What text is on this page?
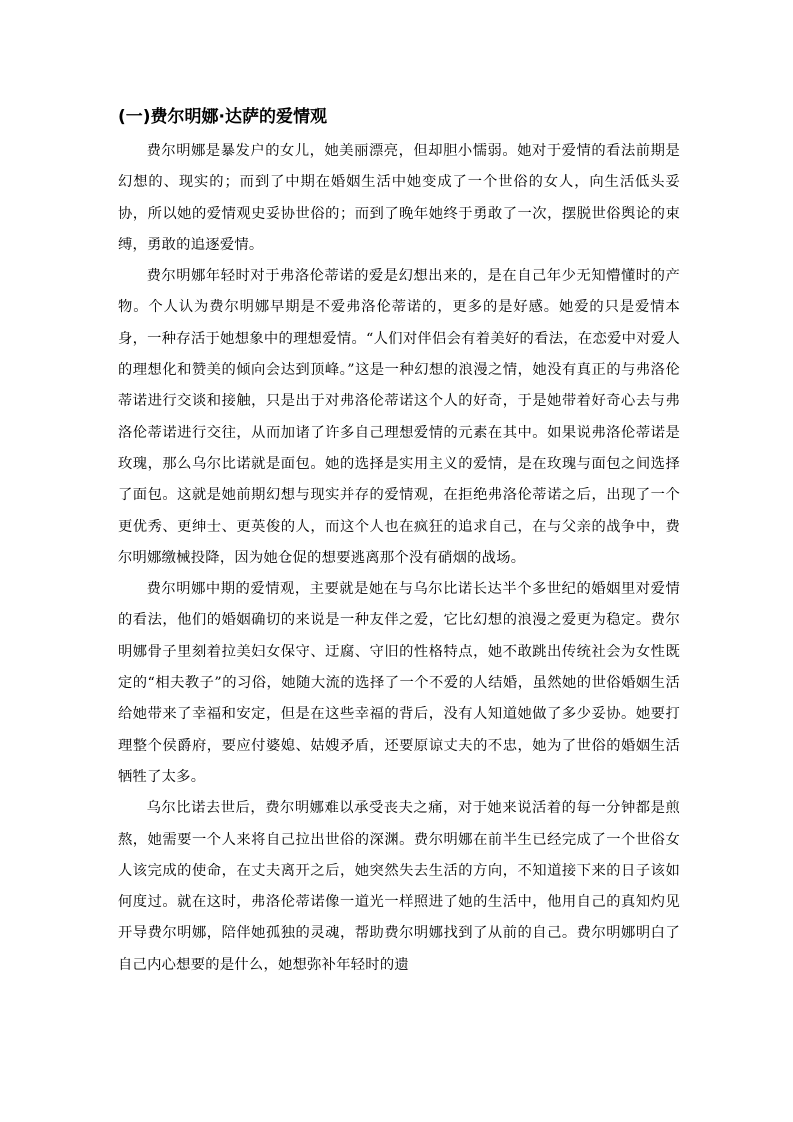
(一)费尔明娜·达萨的爱情观

费尔明娜是暴发户的女儿，她美丽漂亮，但却胆小懦弱。她对于爱情的看法前期是幻想的、现实的；而到了中期在婚姻生活中她变成了一个世俗的女人，向生活低头妥协，所以她的爱情观史妥协世俗的；而到了晚年她终于勇敢了一次，摆脱世俗舆论的束缚，勇敢的追逐爱情。

费尔明娜年轻时对于弗洛伦蒂诺的爱是幻想出来的，是在自己年少无知懵懂时的产物。个人认为费尔明娜早期是不爱弗洛伦蒂诺的，更多的是好感。她爱的只是爱情本身，一种存活于她想象中的理想爱情。“人们对伴侣会有着美好的看法，在恋爱中对爱人的理想化和赞美的倾向会达到顶峰。”这是一种幻想的浪漫之情，她没有真正的与弗洛伦蒂诺进行交谈和接触，只是出于对弗洛伦蒂诺这个人的好奇，于是她带着好奇心去与弗洛伦蒂诺进行交往，从而加诸了许多自己理想爱情的元素在其中。如果说弗洛伦蒂诺是玫瑰，那么乌尔比诺就是面包。她的选择是实用主义的爱情，是在玫瑰与面包之间选择了面包。这就是她前期幻想与现实并存的爱情观，在拒绝弗洛伦蒂诺之后，出现了一个更优秀、更绅士、更英俊的人，而这个人也在疯狂的追求自己，在与父亲的战争中，费尔明娜缴械投降，因为她仓促的想要逃离那个没有硝烟的战场。

费尔明娜中期的爱情观，主要就是她在与乌尔比诺长达半个多世纪的婚姻里对爱情的看法，他们的婚姻确切的来说是一种友伴之爱，它比幻想的浪漫之爱更为稳定。费尔明娜骨子里刻着拉美妇女保守、迂腐、守旧的性格特点，她不敢跳出传统社会为女性既定的“相夫教子”的习俗，她随大流的选择了一个不爱的人结婚，虽然她的世俗婚姻生活给她带来了幸福和安定，但是在这些幸福的背后，没有人知道她做了多少妥协。她要打理整个侯爵府，要应付婆媳、姑嫂矛盾，还要原谅丈夫的不忠，她为了世俗的婚姻生活牺牲了太多。

乌尔比诺去世后，费尔明娜难以承受丧夫之痛，对于她来说活着的每一分钟都是煎熬，她需要一个人来将自己拉出世俗的深渊。费尔明娜在前半生已经完成了一个世俗女人该完成的使命，在丈夫离开之后，她突然失去生活的方向，不知道接下来的日子该如何度过。就在这时，弗洛伦蒂诺像一道光一样照进了她的生活中，他用自己的真知灼见开导费尔明娜，陪伴她孤独的灵魂，帮助费尔明娜找到了从前的自己。费尔明娜明白了自己内心想要的是什么，她想弥补年轻时的遗
